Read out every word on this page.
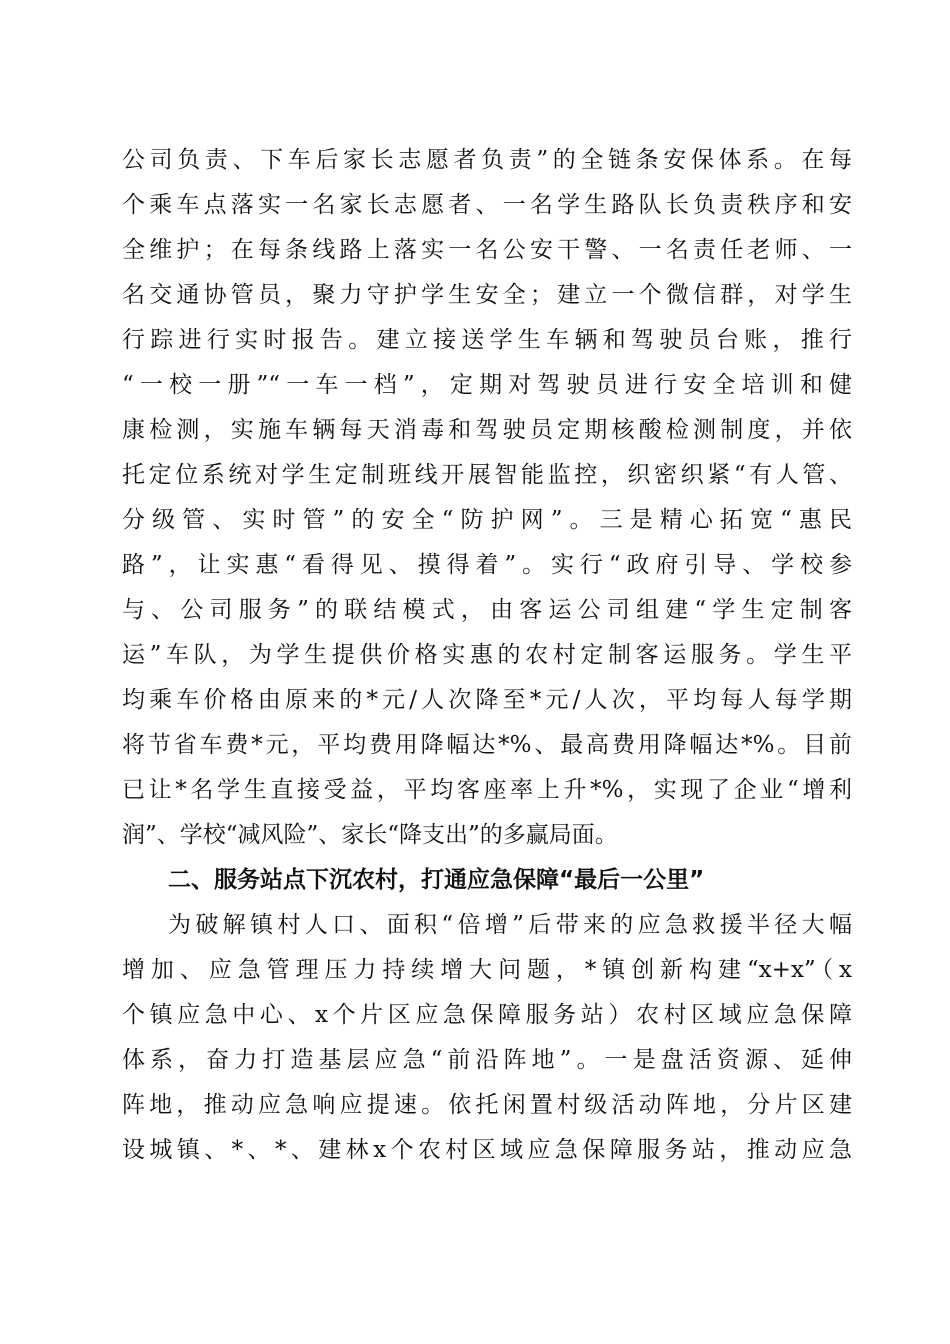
公司负责、下车后家长志愿者负责”的全链条安保体系。在每
个乘车点落实一名家长志愿者、一名学生路队长负责秩序和安
全维护；在每条线路上落实一名公安干警、一名责任老师、一
名交通协管员，聚力守护学生安全；建立一个微信群，对学生
行踪进行实时报告。建立接送学生车辆和驾驶员台账，推行
“一校一册”“一车一档”，定期对驾驶员进行安全培训和健
康检测，实施车辆每天消毒和驾驶员定期核酸检测制度，并依
托定位系统对学生定制班线开展智能监控，织密织紧“有人管、
分级管、实时管”的安全“防护网”。三是精心拓宽“惠民
路”，让实惠“看得见、摸得着”。实行“政府引导、学校参
与、公司服务”的联结模式，由客运公司组建“学生定制客
运”车队，为学生提供价格实惠的农村定制客运服务。学生平
均乘车价格由原来的*元/人次降至*元/人次，平均每人每学期
将节省车费*元，平均费用降幅达*%、最高费用降幅达*%。目前
已让*名学生直接受益，平均客座率上升*%，实现了企业“增利
润”、学校“减风险”、家长“降支出”的多赢局面。
二、服务站点下沉农村，打通应急保障“最后一公里”
为破解镇村人口、面积“倍增”后带来的应急救援半径大幅
增加、应急管理压力持续增大问题，*镇创新构建“x+x”（x
个镇应急中心、x个片区应急保障服务站）农村区域应急保障
体系，奋力打造基层应急“前沿阵地”。一是盘活资源、延伸
阵地，推动应急响应提速。依托闲置村级活动阵地，分片区建
设城镇、*、*、建林x个农村区域应急保障服务站，推动应急
